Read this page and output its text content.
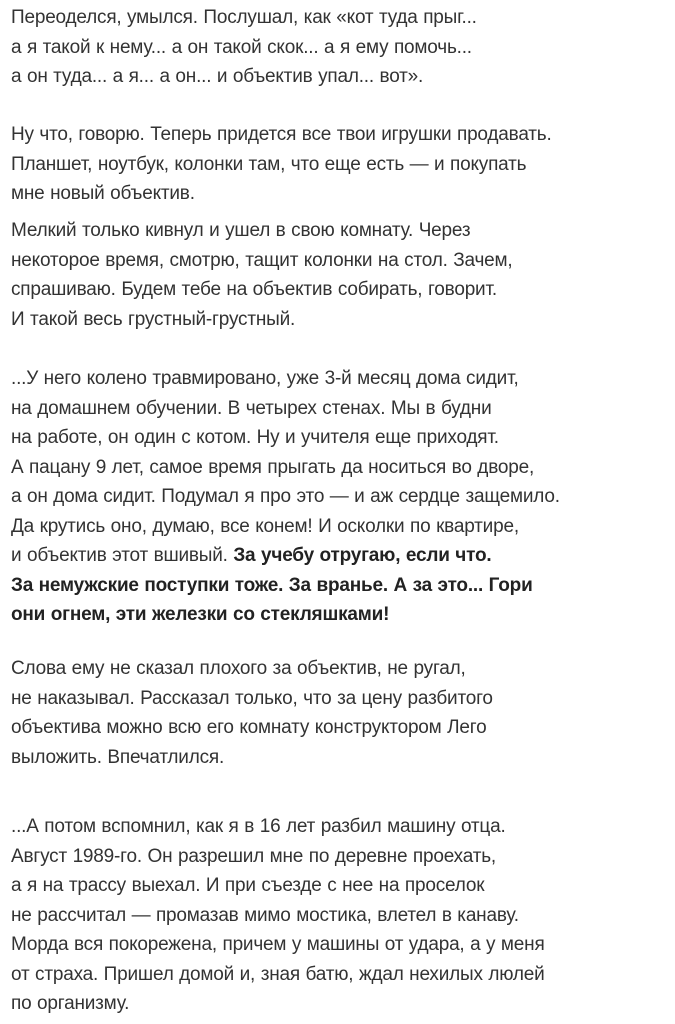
Переоделся, умылся. Послушал, как «кот туда прыг...
а я такой к нему... а он такой скок... а я ему помочь...
а он туда... а я... а он... и объектив упал... вот».

Ну что, говорю. Теперь придется все твои игрушки продавать.
Планшет, ноутбук, колонки там, что еще есть — и покупать
мне новый объектив.

Мелкий только кивнул и ушел в свою комнату. Через
некоторое время, смотрю, тащит колонки на стол. Зачем,
спрашиваю. Будем тебе на объектив собирать, говорит.
И такой весь грустный-грустный.

...У него колено травмировано, уже 3-й месяц дома сидит,
на домашнем обучении. В четырех стенах. Мы в будни
на работе, он один с котом. Ну и учителя еще приходят.
А пацану 9 лет, самое время прыгать да носиться во дворе,
а он дома сидит. Подумал я про это — и аж сердце защемило.
Да крутись оно, думаю, все конем! И осколки по квартире,
и объектив этот вшивый. За учебу отругаю, если что.
За немужские поступки тоже. За вранье. А за это... Гори
они огнем, эти железки со стекляшками!

Слова ему не сказал плохого за объектив, не ругал,
не наказывал. Рассказал только, что за цену разбитого
объектива можно всю его комнату конструктором Лего
выложить. Впечатлился.

...А потом вспомнил, как я в 16 лет разбил машину отца.
Август 1989-го. Он разрешил мне по деревне проехать,
а я на трассу выехал. И при съезде с нее на проселок
не рассчитал — промазав мимо мостика, влетел в канаву.
Морда вся покорежена, причем у машины от удара, а у меня
от страха. Пришел домой и, зная батю, ждал нехилых люлей
по организму.
